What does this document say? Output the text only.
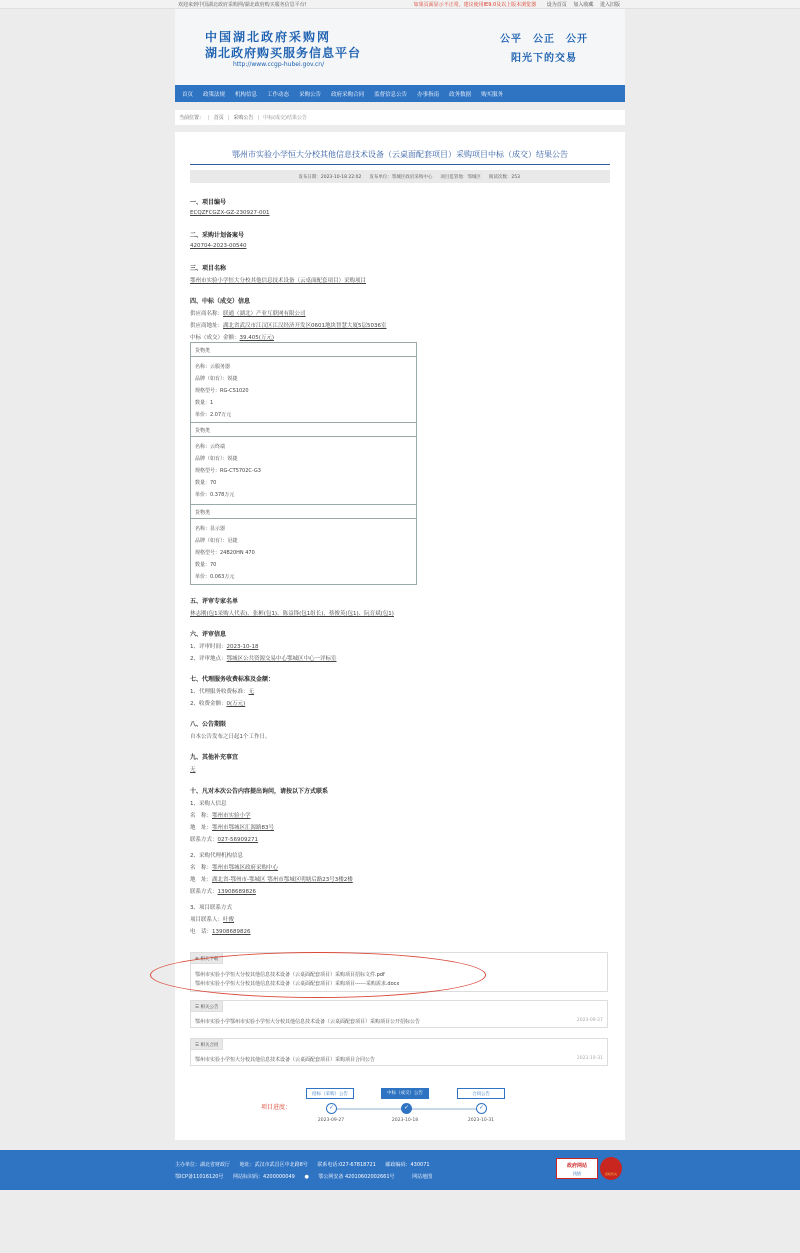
欢迎来到中国湖北政府采购网/湖北政府购买服务信息平台!	如果页面显示不正常，建议使用IE9.0及以上版本浏览器 设为首页 加入收藏 进入旧版
中国湖北政府采购网
湖北政府购买服务信息平台
http://www.ccgp-hubei.gov.cn/
公平　公正　公开
阳光下的交易
首页	政策法规	机构信息	工作动态	采购公告	政府采购合同	监督信息公告	办事指南	政务数据	购买服务
当前位置： | 首页 | 采购公告 | 中标(成交)结果公告
鄂州市实验小学恒大分校其他信息技术设备（云桌面配套项目）采购项目中标（成交）结果公告
发布日期：2023-10-18 22:02 发布单位：鄂城区政府采购中心 项目监管地：鄂城区 阅读次数：253
一、项目编号
ECQZFCGZX-GZ-230927-001
二、采购计划备案号
420704-2023-00540
三、项目名称
鄂州市实验小学恒大分校其他信息技术设备（云桌面配套项目）采购项目
四、中标（成交）信息
供应商名称：联通（湖北）产业互联网有限公司
供应商地址：湖北省武汉市江汉区江汉经济开发区0601地块智慧大厦5层5036室
中标（成交）金额：39.405(万元)
货物类
名称：云服务器
品牌（如有）：锐捷
规格型号：RG-CS1020
数量：1
单价：2.07万元
货物类
名称：云终端
品牌（如有）：锐捷
规格型号：RG-CT5702C-G3
数量：70
单价：0.378万元
货物类
名称：显示器
品牌（如有）：冠捷
规格型号：24B20HN 470
数量：70
单价：0.063万元
五、评审专家名单
林志刚(包1采购人代表)、张彬(包1)、陈益锋(包1组长)、蔡俊英(包1)、阮育斌(包1)
六、评审信息
1、评审时间：2023-10-18
2、评审地点：鄂城区公共资源交易中心鄂城区中心一评标室
七、代理服务收费标准及金额：
1、代理服务收费标准：无
2、收费金额：0(万元)
八、公告期限
自本公告发布之日起1个工作日。
九、其他补充事宜
无
十、凡对本次公告内容提出询问，请按以下方式联系
1、采购人信息
名　称：鄂州市实验小学
地　址：鄂州市鄂城区汇源路83号
联系方式：027-56909271
2、采购代理机构信息
名　称：鄂州市鄂城区政府采购中心
地　址：湖北省-鄂州市-鄂城区 鄂州市鄂城区明塘后路23号3楼2楼
联系方式：13908689826
3、项目联系方式
项目联系人：叶俊
电　话：13908689826
⊕ 相关下载
鄂州市实验小学恒大分校其他信息技术设备（云桌面配套项目）采购项目招标文件.pdf
鄂州市实验小学恒大分校其他信息技术设备（云桌面配套项目）采购项目------采购需求.docx
☰ 相关公告
鄂州市实验小学鄂州市实验小学恒大分校其他信息技术设备（云桌面配套项目）采购项目公开招标公告	2023-09-27
☰ 相关合同
鄂州市实验小学恒大分校其他信息技术设备（云桌面配套项目）采购项目合同公告	2023-10-31
项目进度：
招标（采购）公告
✓
2023-09-27
中标（成交）公告
✓
2023-10-18
合同公告
✓
2023-10-31
主办单位：湖北省财政厅 地址：武汉市武昌区中北路8号 联系电话:027-67818721 邮政编码：430071
鄂ICP备11016120号 网站标识码：4200000049 ● 鄂公网安备 42010602002661号	网站地图
政府网站
找错	党政机关
